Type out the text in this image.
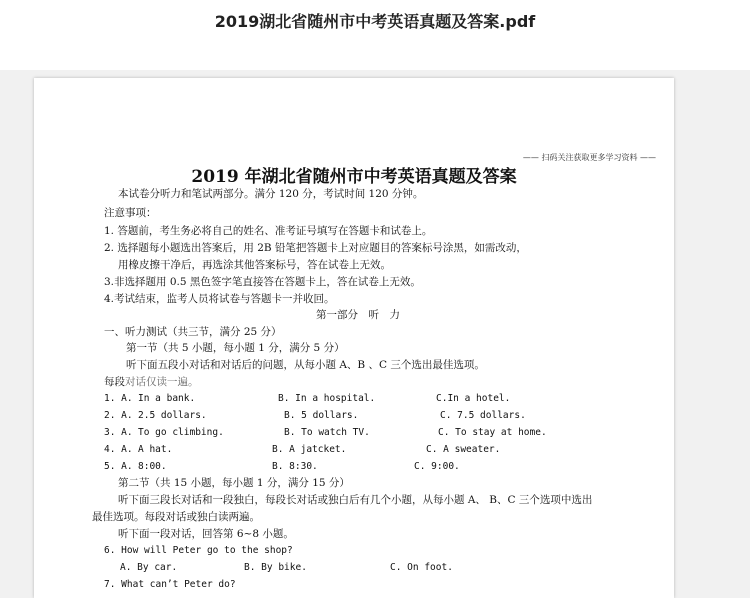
2019湖北省随州市中考英语真题及答案.pdf
—— 扫码关注获取更多学习资料 ——
2019 年湖北省随州市中考英语真题及答案
本试卷分听力和笔试两部分。满分 120 分，考试时间 120 分钟。
注意事项：
1. 答题前，考生务必将自己的姓名、准考证号填写在答题卡和试卷上。
2. 选择题每小题选出答案后，用 2B 铅笔把答题卡上对应题目的答案标号涂黑，如需改动，
用橡皮擦干净后，再选涂其他答案标号，答在试卷上无效。
3.非选择题用 0.5 黑色签字笔直接答在答题卡上，答在试卷上无效。
4.考试结束，监考人员将试卷与答题卡一并收回。
第一部分　听　力
一、听力测试（共三节，满分 25 分）
第一节（共 5 小题，每小题 1 分，满分 5 分）
听下面五段小对话和对话后的问题，从每小题 A、B 、C 三个选出最佳选项。
每段对话仅读一遍。
1. A. In a bank.	B. In a hospital.	C.In a hotel.
2. A. 2.5 dollars.	B. 5 dollars.	C. 7.5 dollars.
3. A. To go climbing.	B. To watch TV.	C. To stay at home.
4. A. A hat.	B. A jatcket.	C. A sweater.
5. A. 8:00.	B. 8:30.	C. 9:00.
第二节（共 15 小题，每小题 1 分，满分 15 分）
听下面三段长对话和一段独白，每段长对话或独白后有几个小题，从每小题 A、 B、C 三个选项中选出
最佳选项。每段对话或独白读两遍。
听下面一段对话，回答第 6~8 小题。
6. How will Peter go to the shop?
A. By car.	B. By bike.	C. On foot.
7. What can’t Peter do?
